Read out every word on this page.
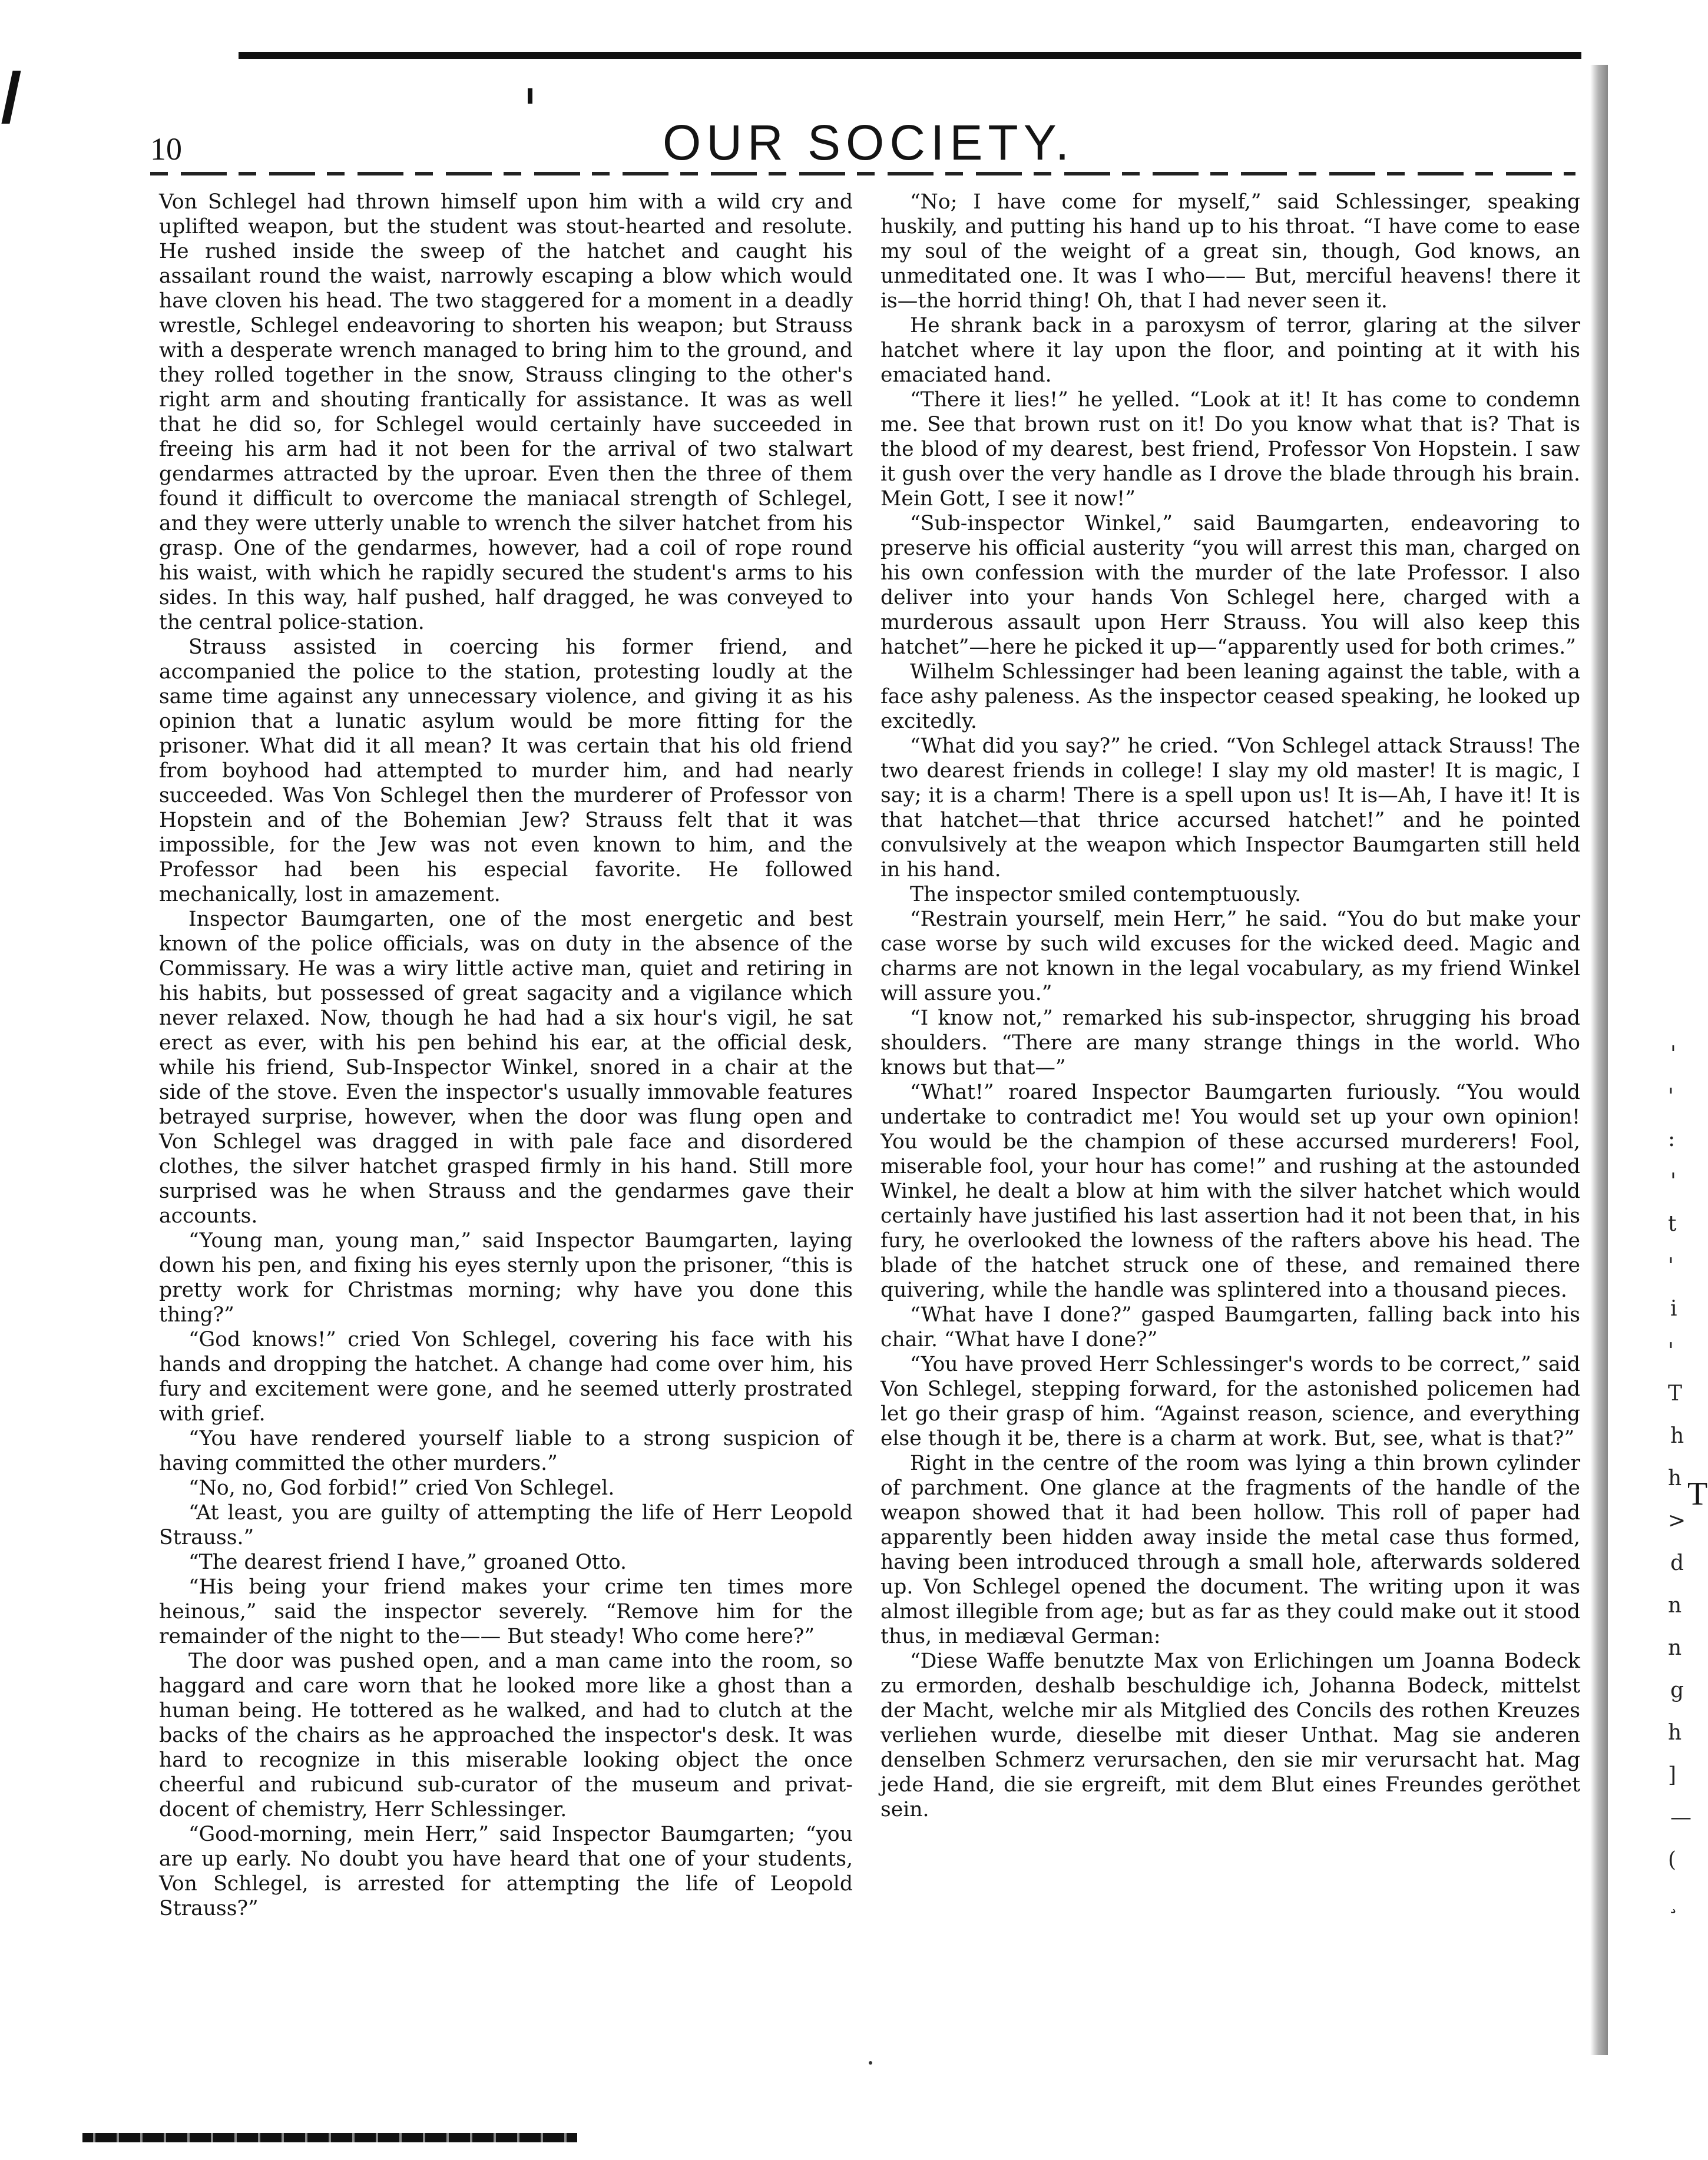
10	OUR SOCIETY.

Von Schlegel had thrown himself upon him with a wild cry and uplifted weapon, but the student was stout-hearted and resolute. He rushed inside the sweep of the hatchet and caught his assailant round the waist, narrowly escaping a blow which would have cloven his head. The two staggered for a moment in a deadly wrestle, Schlegel endeavoring to shorten his weapon; but Strauss with a desperate wrench managed to bring him to the ground, and they rolled together in the snow, Strauss clinging to the other's right arm and shouting frantically for assistance. It was as well that he did so, for Schlegel would certainly have succeeded in freeing his arm had it not been for the arrival of two stalwart gendarmes attracted by the uproar. Even then the three of them found it difficult to overcome the maniacal strength of Schlegel, and they were utterly unable to wrench the silver hatchet from his grasp. One of the gendarmes, however, had a coil of rope round his waist, with which he rapidly secured the student's arms to his sides. In this way, half pushed, half dragged, he was conveyed to the central police-station.

Strauss assisted in coercing his former friend, and accompanied the police to the station, protesting loudly at the same time against any unnecessary violence, and giving it as his opinion that a lunatic asylum would be more fitting for the prisoner. What did it all mean? It was certain that his old friend from boyhood had attempted to murder him, and had nearly succeeded. Was Von Schlegel then the murderer of Professor von Hopstein and of the Bohemian Jew? Strauss felt that it was impossible, for the Jew was not even known to him, and the Professor had been his especial favorite. He followed mechanically, lost in amazement.

Inspector Baumgarten, one of the most energetic and best known of the police officials, was on duty in the absence of the Commissary. He was a wiry little active man, quiet and retiring in his habits, but possessed of great sagacity and a vigilance which never relaxed. Now, though he had had a six hour's vigil, he sat erect as ever, with his pen behind his ear, at the official desk, while his friend, Sub-Inspector Winkel, snored in a chair at the side of the stove. Even the inspector's usually immovable features betrayed surprise, however, when the door was flung open and Von Schlegel was dragged in with pale face and disordered clothes, the silver hatchet grasped firmly in his hand. Still more surprised was he when Strauss and the gendarmes gave their accounts.

“Young man, young man,” said Inspector Baumgarten, laying down his pen, and fixing his eyes sternly upon the prisoner, “this is pretty work for Christmas morning; why have you done this thing?”

“God knows!” cried Von Schlegel, covering his face with his hands and dropping the hatchet. A change had come over him, his fury and excitement were gone, and he seemed utterly prostrated with grief.

“You have rendered yourself liable to a strong suspicion of having committed the other murders.”

“No, no, God forbid!” cried Von Schlegel.

“At least, you are guilty of attempting the life of Herr Leopold Strauss.”

“The dearest friend I have,” groaned Otto.

“His being your friend makes your crime ten times more heinous,” said the inspector severely. “Remove him for the remainder of the night to the—— But steady! Who come here?”

The door was pushed open, and a man came into the room, so haggard and care worn that he looked more like a ghost than a human being. He tottered as he walked, and had to clutch at the backs of the chairs as he approached the inspector's desk. It was hard to recognize in this miserable looking object the once cheerful and rubicund sub-curator of the museum and privat-docent of chemistry, Herr Schlessinger.

“Good-morning, mein Herr,” said Inspector Baumgarten; “you are up early. No doubt you have heard that one of your students, Von Schlegel, is arrested for attempting the life of Leopold Strauss?”

“No; I have come for myself,” said Schlessinger, speaking huskily, and putting his hand up to his throat. “I have come to ease my soul of the weight of a great sin, though, God knows, an unmeditated one. It was I who—— But, merciful heavens! there it is—the horrid thing! Oh, that I had never seen it.

He shrank back in a paroxysm of terror, glaring at the silver hatchet where it lay upon the floor, and pointing at it with his emaciated hand.

“There it lies!” he yelled. “Look at it! It has come to condemn me. See that brown rust on it! Do you know what that is? That is the blood of my dearest, best friend, Professor Von Hopstein. I saw it gush over the very handle as I drove the blade through his brain. Mein Gott, I see it now!”

“Sub-inspector Winkel,” said Baumgarten, endeavoring to preserve his official austerity “you will arrest this man, charged on his own confession with the murder of the late Professor. I also deliver into your hands Von Schlegel here, charged with a murderous assault upon Herr Strauss. You will also keep this hatchet”—here he picked it up—“apparently used for both crimes.”

Wilhelm Schlessinger had been leaning against the table, with a face ashy paleness. As the inspector ceased speaking, he looked up excitedly.

“What did you say?” he cried. “Von Schlegel attack Strauss! The two dearest friends in college! I slay my old master! It is magic, I say; it is a charm! There is a spell upon us! It is—Ah, I have it! It is that hatchet—that thrice accursed hatchet!” and he pointed convulsively at the weapon which Inspector Baumgarten still held in his hand.

The inspector smiled contemptuously.

“Restrain yourself, mein Herr,” he said. “You do but make your case worse by such wild excuses for the wicked deed. Magic and charms are not known in the legal vocabulary, as my friend Winkel will assure you.”

“I know not,” remarked his sub-inspector, shrugging his broad shoulders. “There are many strange things in the world. Who knows but that—”

“What!” roared Inspector Baumgarten furiously. “You would undertake to contradict me! You would set up your own opinion! You would be the champion of these accursed murderers! Fool, miserable fool, your hour has come!” and rushing at the astounded Winkel, he dealt a blow at him with the silver hatchet which would certainly have justified his last assertion had it not been that, in his fury, he overlooked the lowness of the rafters above his head. The blade of the hatchet struck one of these, and remained there quivering, while the handle was splintered into a thousand pieces.

“What have I done?” gasped Baumgarten, falling back into his chair. “What have I done?”

“You have proved Herr Schlessinger's words to be correct,” said Von Schlegel, stepping forward, for the astonished policemen had let go their grasp of him. “Against reason, science, and everything else though it be, there is a charm at work. But, see, what is that?”

Right in the centre of the room was lying a thin brown cylinder of parchment. One glance at the fragments of the handle of the weapon showed that it had been hollow. This roll of paper had apparently been hidden away inside the metal case thus formed, having been introduced through a small hole, afterwards soldered up. Von Schlegel opened the document. The writing upon it was almost illegible from age; but as far as they could make out it stood thus, in mediæval German:

“Diese Waffe benutzte Max von Erlichingen um Joanna Bodeck zu ermorden, deshalb beschuldige ich, Johanna Bodeck, mittelst der Macht, welche mir als Mitglied des Concils des rothen Kreuzes verliehen wurde, dieselbe mit dieser Unthat. Mag sie anderen denselben Schmerz verursachen, den sie mir verursacht hat. Mag jede Hand, die sie ergreift, mit dem Blut eines Freundes geröthet sein.

'
'
:
'
t
'
i
'
T
h
h
>
d
n
n
g
h
]
—
(
¸
T
